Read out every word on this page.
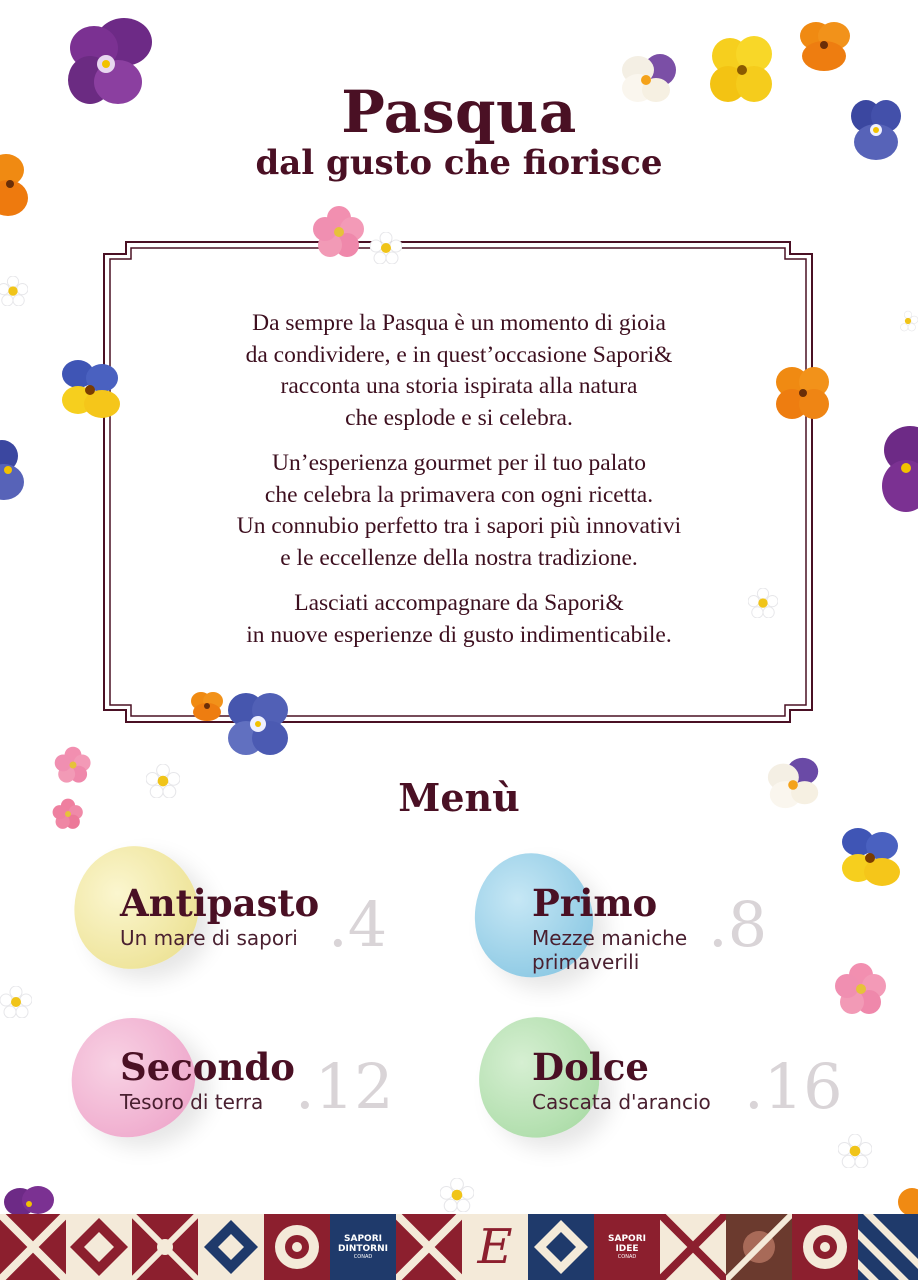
Pasqua
dal gusto che fiorisce

Da sempre la Pasqua è un momento di gioia
da condividere, e in quest’occasione Sapori&
racconta una storia ispirata alla natura
che esplode e si celebra.

Un’esperienza gourmet per il tuo palato
che celebra la primavera con ogni ricetta.
Un connubio perfetto tra i sapori più innovativi
e le eccellenze della nostra tradizione.

Lasciati accompagnare da Sapori&
in nuove esperienze di gusto indimenticabile.

Menù
Antipasto
Un mare di sapori .4	Primo
Mezze maniche
primaverili
.8
Secondo
Tesoro di terra .12	Dolce
Cascata d'arancio .16
SAPORI
DINTORNI
CONAD E	SAPORI
IDEE
CONAD
